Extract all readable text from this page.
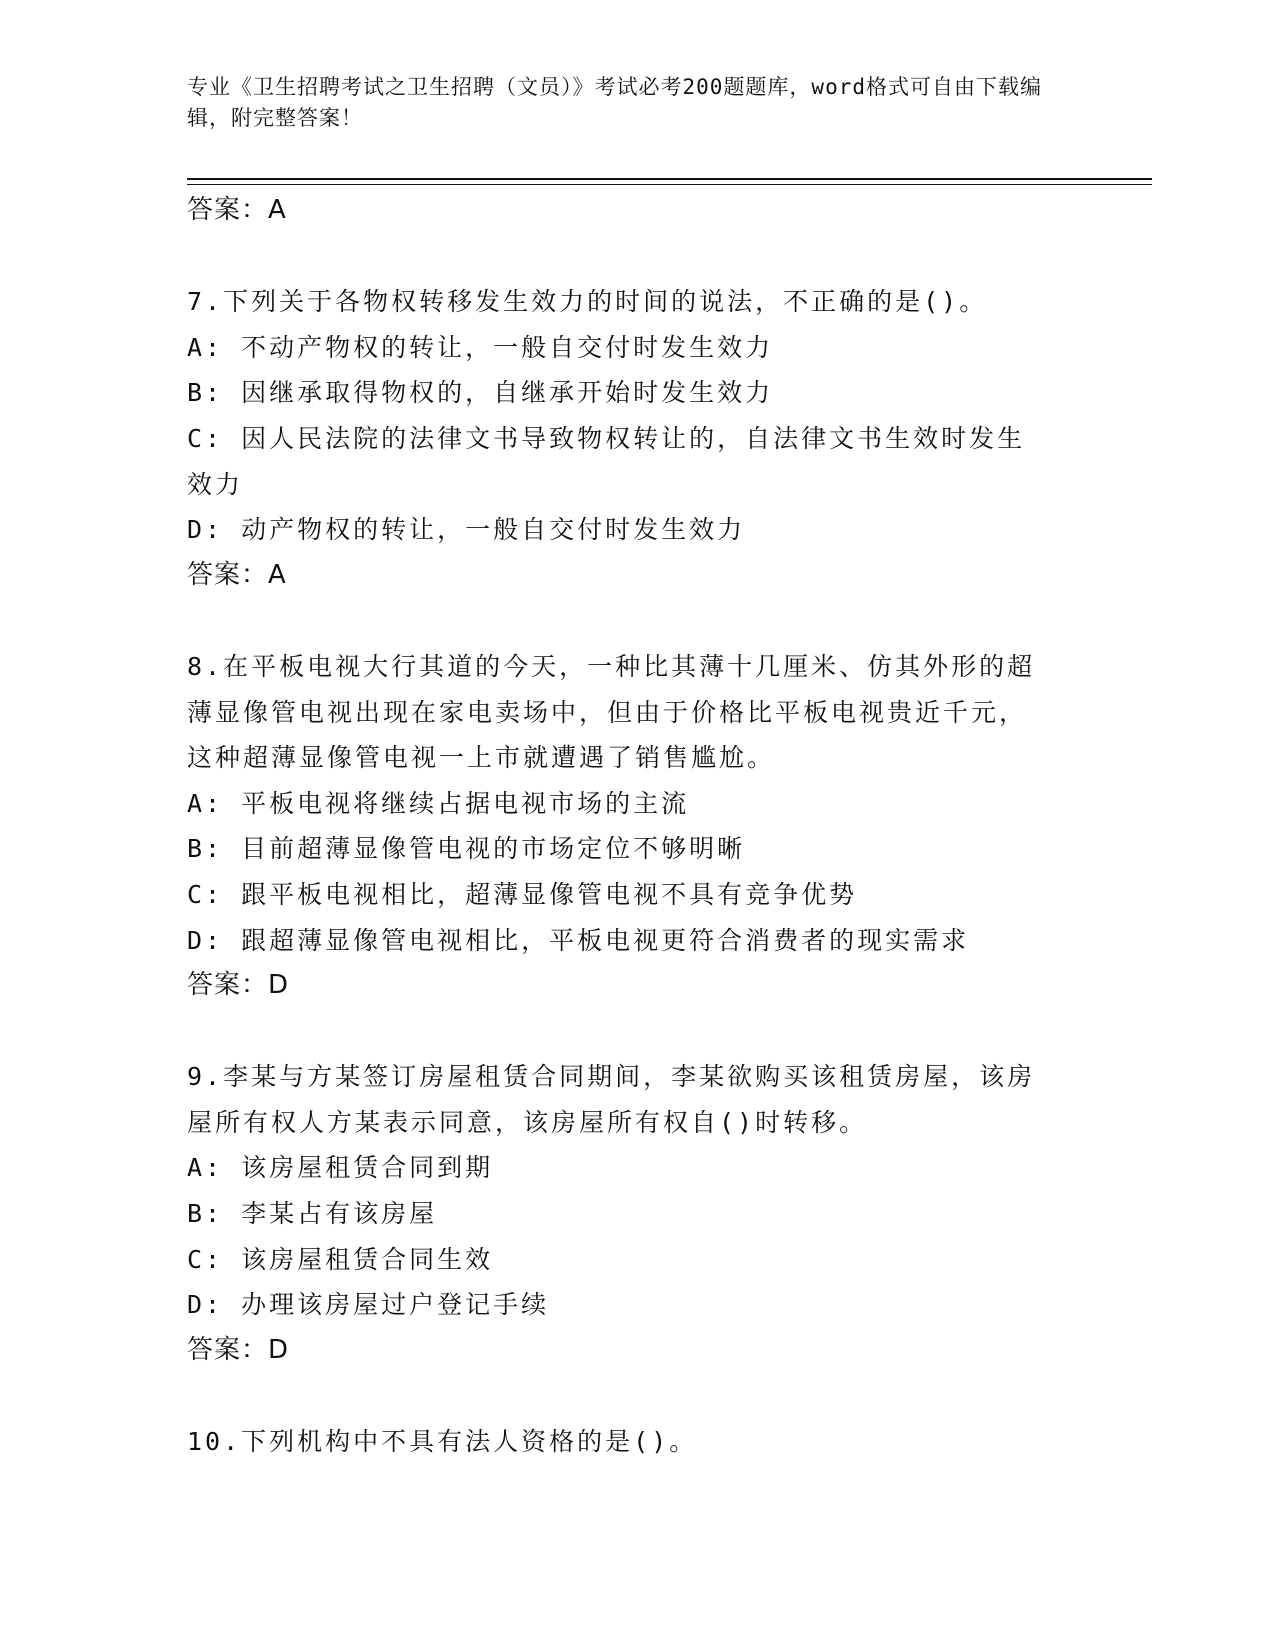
专业《卫生招聘考试之卫生招聘（文员）》考试必考200题题库，word格式可自由下载编辑，附完整答案！
答案：A
7.下列关于各物权转移发生效力的时间的说法，不正确的是()。
A: 不动产物权的转让，一般自交付时发生效力
B: 因继承取得物权的，自继承开始时发生效力
C: 因人民法院的法律文书导致物权转让的，自法律文书生效时发生效力
D: 动产物权的转让，一般自交付时发生效力
答案：A
8.在平板电视大行其道的今天，一种比其薄十几厘米、仿其外形的超薄显像管电视出现在家电卖场中，但由于价格比平板电视贵近千元，这种超薄显像管电视一上市就遭遇了销售尴尬。
A: 平板电视将继续占据电视市场的主流
B: 目前超薄显像管电视的市场定位不够明晰
C: 跟平板电视相比，超薄显像管电视不具有竞争优势
D: 跟超薄显像管电视相比，平板电视更符合消费者的现实需求
答案：D
9.李某与方某签订房屋租赁合同期间，李某欲购买该租赁房屋，该房屋所有权人方某表示同意，该房屋所有权自()时转移。
A: 该房屋租赁合同到期
B: 李某占有该房屋
C: 该房屋租赁合同生效
D: 办理该房屋过户登记手续
答案：D
10.下列机构中不具有法人资格的是()。
